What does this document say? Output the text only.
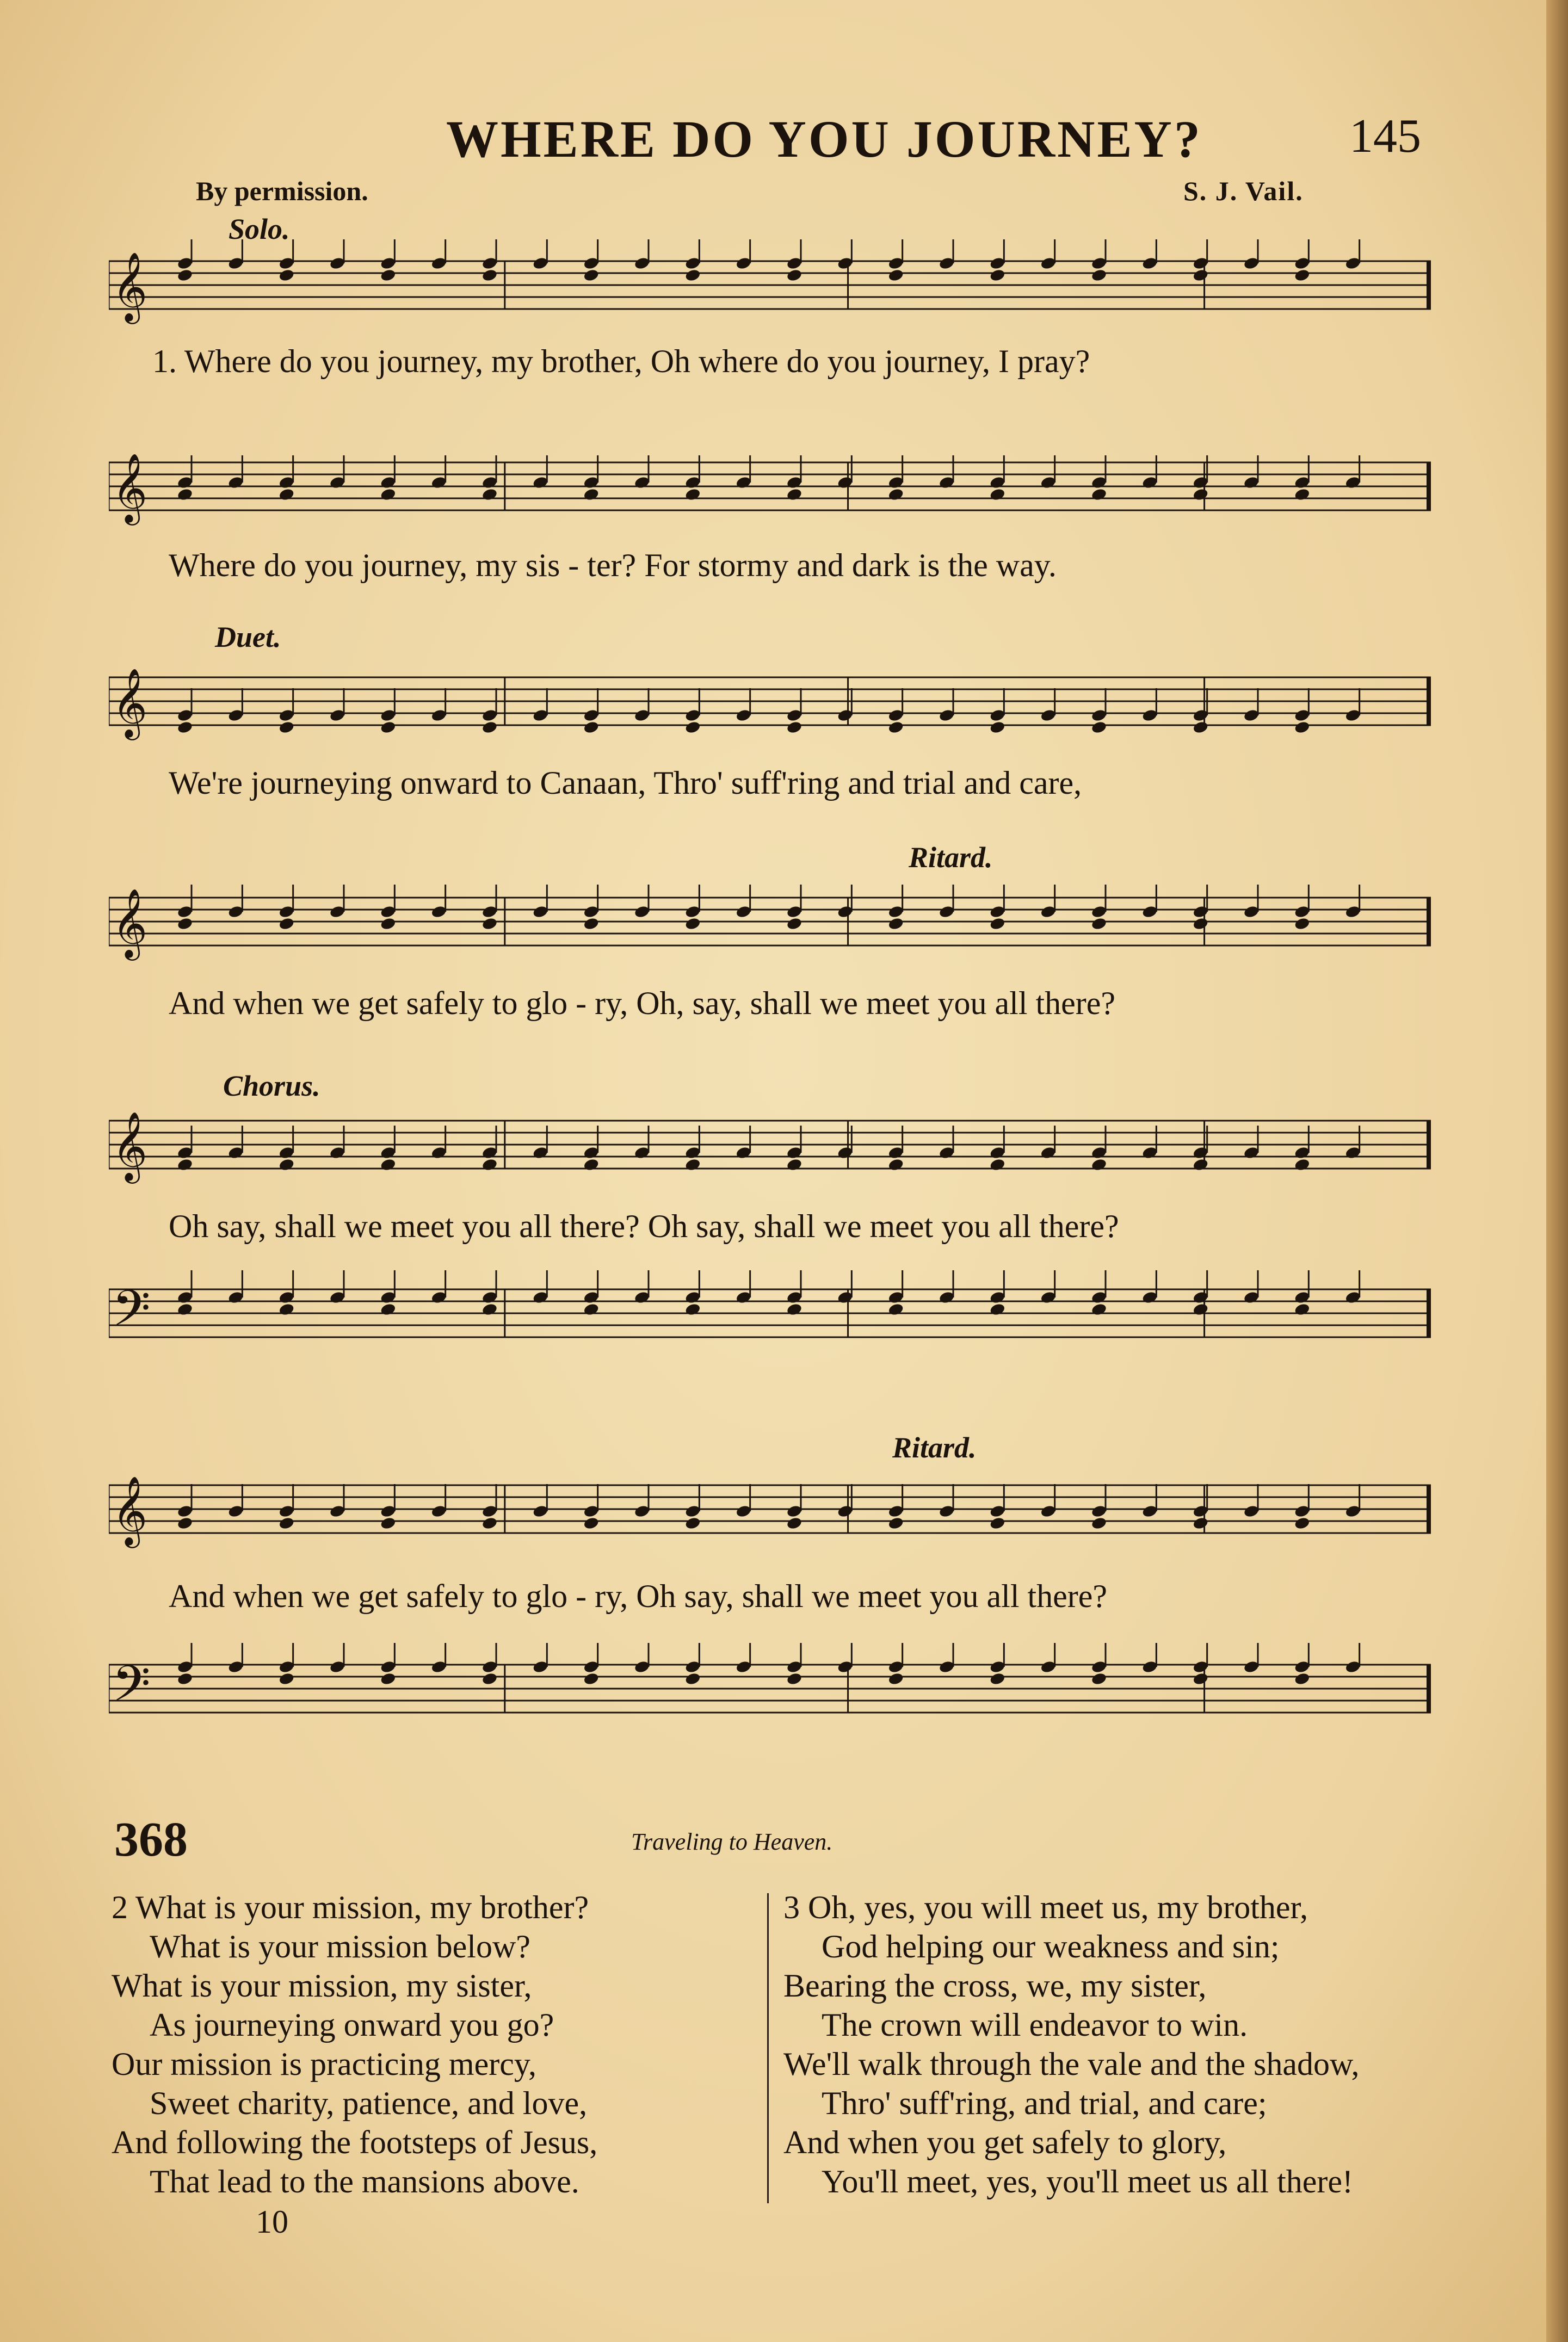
WHERE DO YOU JOURNEY?	145
By permission.	S. J. Vail.
Solo.
𝄞
1. Where do you journey, my brother, Oh where do you journey, I pray?
𝄞
Where do you journey, my sis - ter? For stormy and dark is the way.
Duet.
𝄞
We're journeying onward to Canaan, Thro' suff'ring and trial and care,
Ritard.
𝄞
And when we get safely to glo - ry, Oh, say, shall we meet you all there?
Chorus.
𝄞
Oh say, shall we meet you all there? Oh say, shall we meet you all there?
𝄢
Ritard.
𝄞
And when we get safely to glo - ry, Oh say, shall we meet you all there?
𝄢
368	Traveling to Heaven.
2 What is your mission, my brother?
What is your mission below?
What is your mission, my sister,
As journeying onward you go?
Our mission is practicing mercy,
Sweet charity, patience, and love,
And following the footsteps of Jesus,
That lead to the mansions above.
3 Oh, yes, you will meet us, my brother,
God helping our weakness and sin;
Bearing the cross, we, my sister,
The crown will endeavor to win.
We'll walk through the vale and the shadow,
Thro' suff'ring, and trial, and care;
And when you get safely to glory,
You'll meet, yes, you'll meet us all there!
10
